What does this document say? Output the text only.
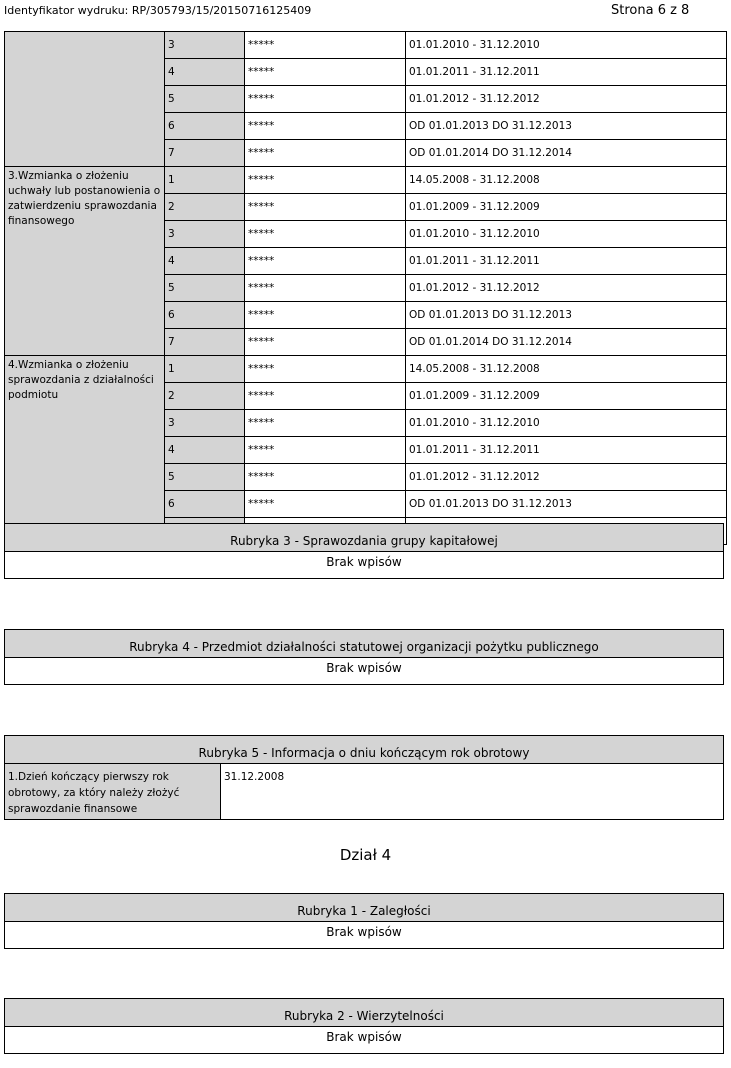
Identyfikator wydruku: RP/305793/15/20150716125409	Strona 6 z 8
	3	*****	01.01.2010 - 31.12.2010
	4	*****	01.01.2011 - 31.12.2011
	5	*****	01.01.2012 - 31.12.2012
	6	*****	OD 01.01.2013 DO 31.12.2013
	7	*****	OD 01.01.2014 DO 31.12.2014
3.Wzmianka o złożeniu uchwały lub postanowienia o zatwierdzeniu sprawozdania finansowego	1	*****	14.05.2008 - 31.12.2008
	2	*****	01.01.2009 - 31.12.2009
	3	*****	01.01.2010 - 31.12.2010
	4	*****	01.01.2011 - 31.12.2011
	5	*****	01.01.2012 - 31.12.2012
	6	*****	OD 01.01.2013 DO 31.12.2013
	7	*****	OD 01.01.2014 DO 31.12.2014
4.Wzmianka o złożeniu sprawozdania z działalności podmiotu	1	*****	14.05.2008 - 31.12.2008
	2	*****	01.01.2009 - 31.12.2009
	3	*****	01.01.2010 - 31.12.2010
	4	*****	01.01.2011 - 31.12.2011
	5	*****	01.01.2012 - 31.12.2012
	6	*****	OD 01.01.2013 DO 31.12.2013

Rubryka 3 - Sprawozdania grupy kapitałowej
Brak wpisów
Rubryka 4 - Przedmiot działalności statutowej organizacji pożytku publicznego
Brak wpisów
Rubryka 5 - Informacja o dniu kończącym rok obrotowy
1.Dzień kończący pierwszy rok obrotowy, za który należy złożyć sprawozdanie finansowe
31.12.2008
Dział 4
Rubryka 1 - Zaległości
Brak wpisów
Rubryka 2 - Wierzytelności
Brak wpisów
